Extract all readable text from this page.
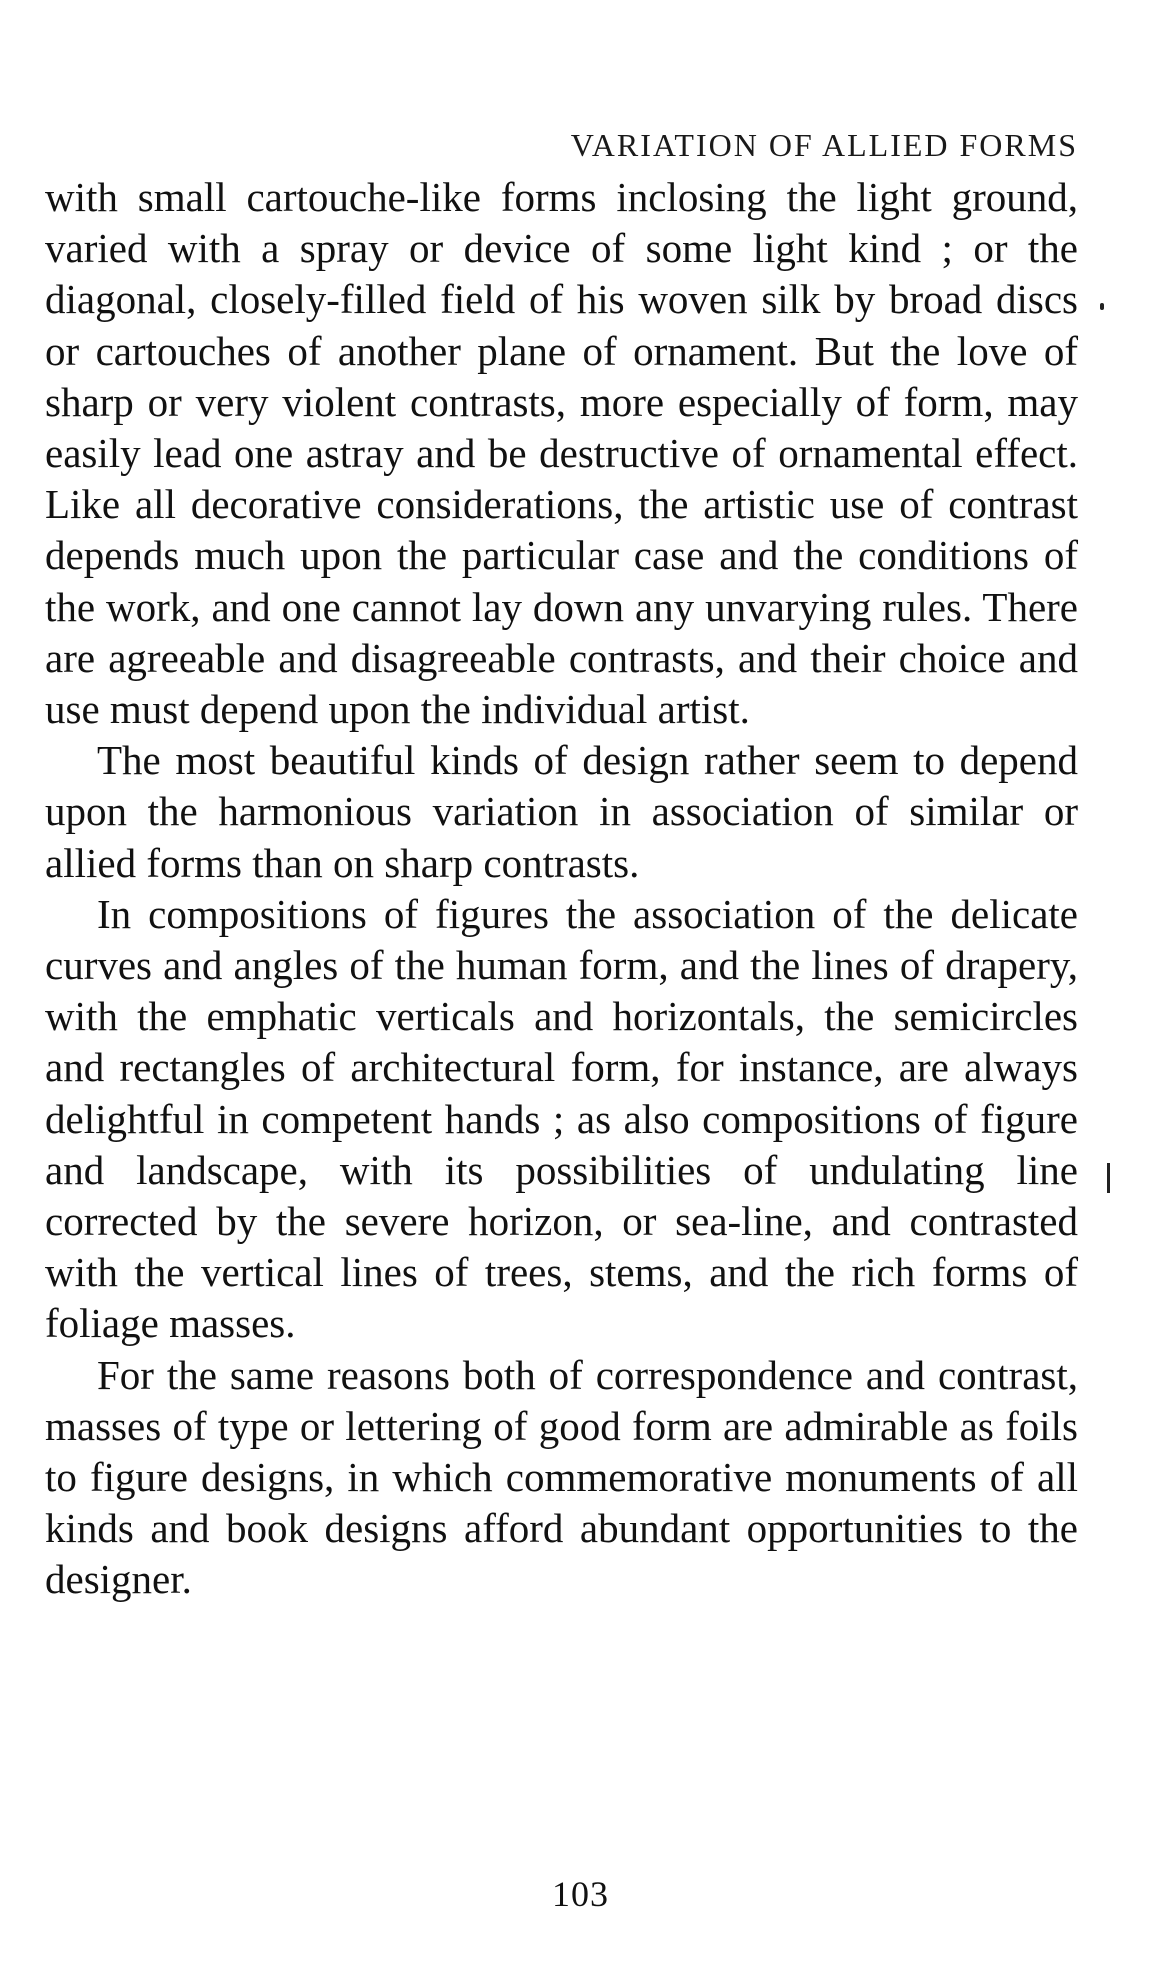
VARIATION OF ALLIED FORMS

with small cartouche-like forms inclosing the light ground, varied with a spray or device of some light kind ; or the diagonal, closely-filled field of his woven silk by broad discs or cartouches of another plane of ornament. But the love of sharp or very violent contrasts, more especially of form, may easily lead one astray and be destructive of ornamental effect. Like all decorative considerations, the artistic use of contrast depends much upon the particular case and the conditions of the work, and one cannot lay down any unvarying rules. There are agreeable and disagreeable contrasts, and their choice and use must depend upon the individual artist.

The most beautiful kinds of design rather seem to depend upon the harmonious variation in association of similar or allied forms than on sharp contrasts.

In compositions of figures the association of the delicate curves and angles of the human form, and the lines of drapery, with the emphatic verticals and horizontals, the semicircles and rectangles of architectural form, for instance, are always delightful in competent hands ; as also compositions of figure and landscape, with its possibilities of undulating line corrected by the severe horizon, or sea-line, and contrasted with the vertical lines of trees, stems, and the rich forms of foliage masses.

For the same reasons both of correspondence and contrast, masses of type or lettering of good form are admirable as foils to figure designs, in which commemorative monuments of all kinds and book designs afford abundant opportunities to the designer.

103
